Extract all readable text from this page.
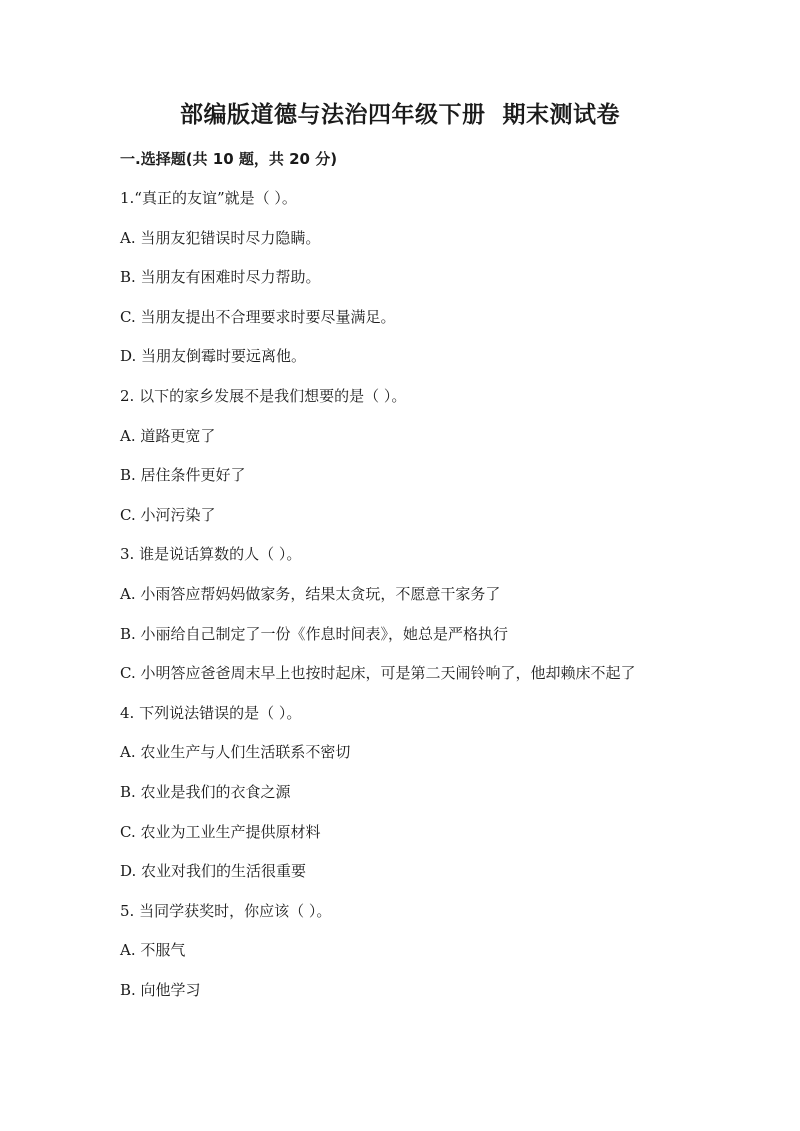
部编版道德与法治四年级下册  期末测试卷
一.选择题(共 10 题，共 20 分)
1.“真正的友谊”就是（ ）。
A. 当朋友犯错误时尽力隐瞒。
B. 当朋友有困难时尽力帮助。
C. 当朋友提出不合理要求时要尽量满足。
D. 当朋友倒霉时要远离他。
2. 以下的家乡发展不是我们想要的是（ ）。
A. 道路更宽了
B. 居住条件更好了
C. 小河污染了
3. 谁是说话算数的人（ ）。
A. 小雨答应帮妈妈做家务，结果太贪玩，不愿意干家务了
B. 小丽给自己制定了一份《作息时间表》，她总是严格执行
C. 小明答应爸爸周末早上也按时起床，可是第二天闹铃响了，他却赖床不起了
4. 下列说法错误的是（ ）。
A. 农业生产与人们生活联系不密切
B. 农业是我们的衣食之源
C. 农业为工业生产提供原材料
D. 农业对我们的生活很重要
5. 当同学获奖时，你应该（ ）。
A. 不服气
B. 向他学习
